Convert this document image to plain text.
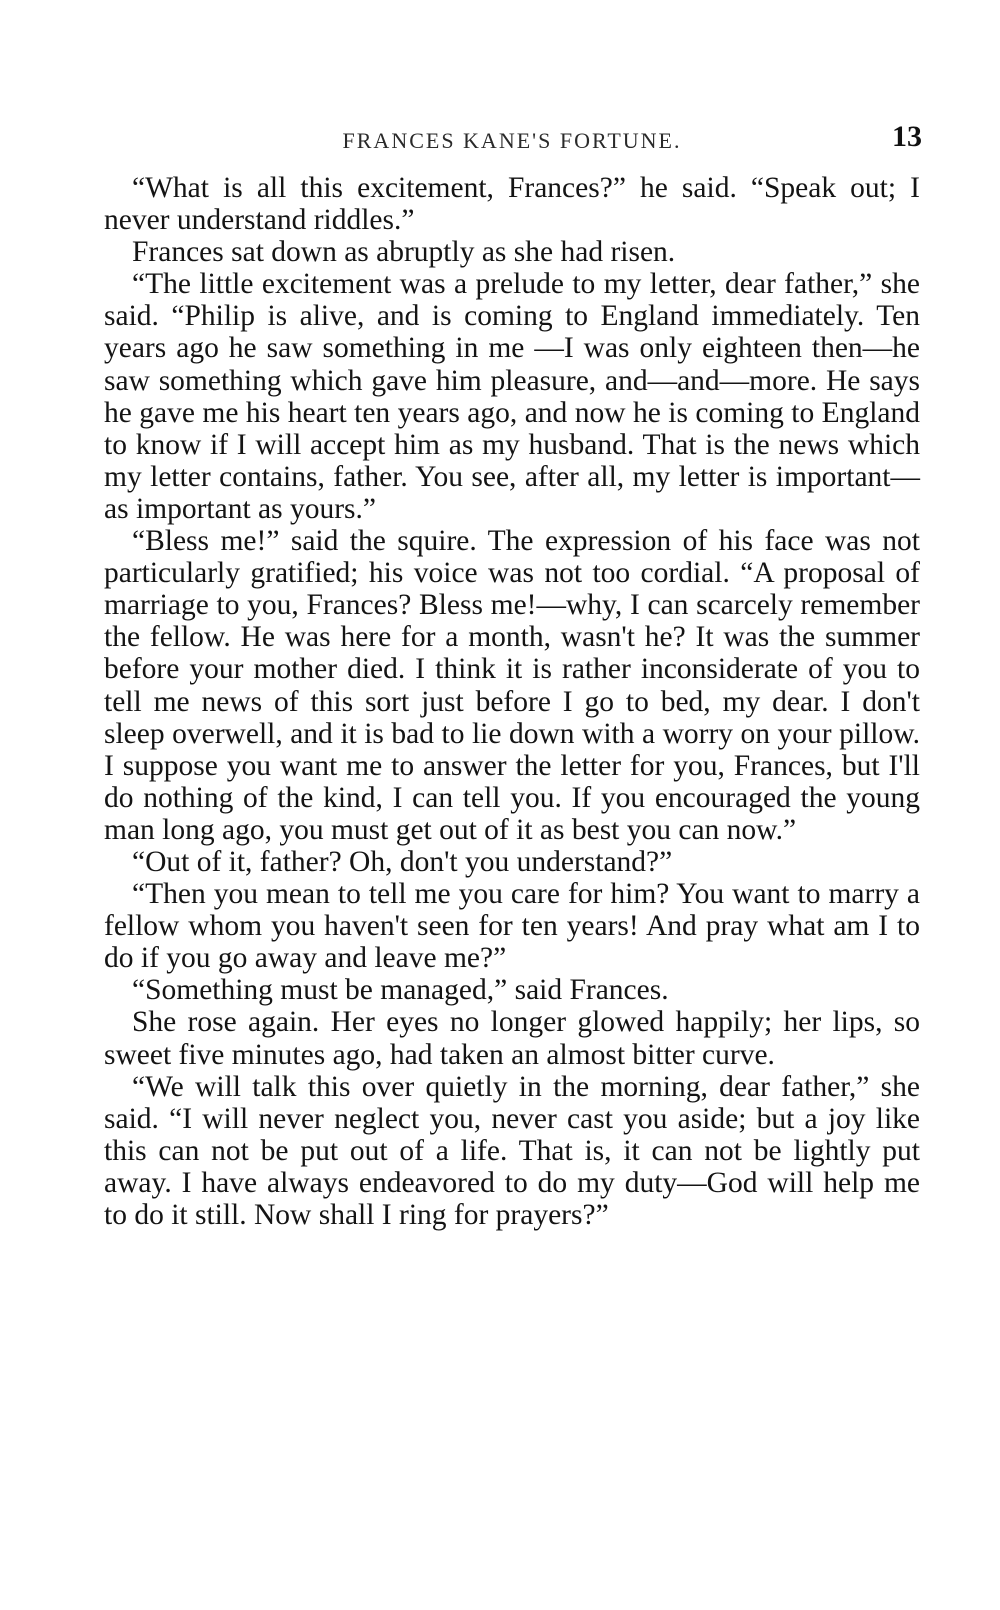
FRANCES KANE'S FORTUNE.	13

“What is all this excitement, Frances?” he said. “Speak out; I never understand riddles.”

Frances sat down as abruptly as she had risen.

“The little excitement was a prelude to my letter, dear father,” she said. “Philip is alive, and is coming to England immediately. Ten years ago he saw something in me —I was only eighteen then—he saw something which gave him pleasure, and—and—more. He says he gave me his heart ten years ago, and now he is coming to England to know if I will accept him as my husband. That is the news which my letter contains, father. You see, after all, my letter is important—as important as yours.”

“Bless me!” said the squire. The expression of his face was not particularly gratified; his voice was not too cordial. “A proposal of marriage to you, Frances? Bless me!—why, I can scarcely remember the fellow. He was here for a month, wasn't he? It was the summer before your mother died. I think it is rather inconsiderate of you to tell me news of this sort just before I go to bed, my dear. I don't sleep overwell, and it is bad to lie down with a worry on your pillow. I suppose you want me to answer the letter for you, Frances, but I'll do nothing of the kind, I can tell you. If you encouraged the young man long ago, you must get out of it as best you can now.”

“Out of it, father? Oh, don't you understand?”

“Then you mean to tell me you care for him? You want to marry a fellow whom you haven't seen for ten years! And pray what am I to do if you go away and leave me?”

“Something must be managed,” said Frances.

She rose again. Her eyes no longer glowed happily; her lips, so sweet five minutes ago, had taken an almost bitter curve.

“We will talk this over quietly in the morning, dear father,” she said. “I will never neglect you, never cast you aside; but a joy like this can not be put out of a life. That is, it can not be lightly put away. I have always endeavored to do my duty—God will help me to do it still. Now shall I ring for prayers?”
